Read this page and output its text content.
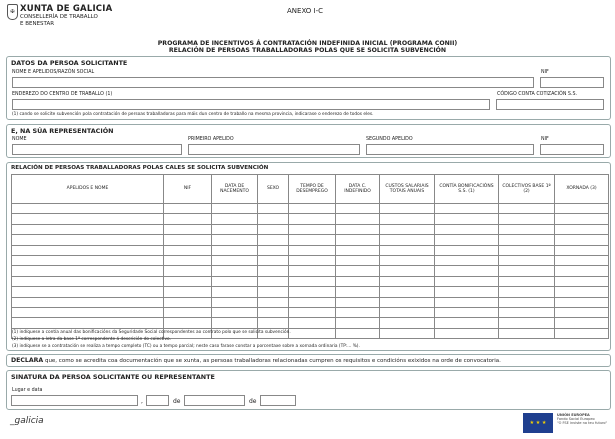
✠ XUNTA DE GALICIA
CONSELLERÍA DE TRABALLO
E BENESTAR
ANEXO I-C
PROGRAMA DE INCENTIVOS Á CONTRATACIÓN INDEFINIDA INICIAL (PROGRAMA CONII)
RELACIÓN DE PERSOAS TRABALLADORAS POLAS QUE SE SOLICITA SUBVENCIÓN
DATOS DA PERSOA SOLICITANTE
NOME E APELIDOS/RAZÓN SOCIAL	NIF
ENDEREZO DO CENTRO DE TRABALLO (1)	CÓDIGO CONTA COTIZACIÓN S.S.
(1) cando se solicite subvención pola contratación de persoas traballadoras para máis dun centro de traballo na mesma provincia, indicarase o enderezo de todos eles.
E, NA SÚA REPRESENTACIÓN
NOME	PRIMEIRO APELIDO	SEGUNDO APELIDO	NIF
RELACIÓN DE PERSOAS TRABALLADORAS POLAS CALES SE SOLICITA SUBVENCIÓN
APELIDOS E NOME	NIF	DATA DE NACEMENTO	SEXO	TEMPO DE DESEMPREGO	DATA C. INDEFINIDO	CUSTOS SALARIAIS TOTAIS ANUAIS	CONTÍA BONIFICACIÓNS S.S. (1)	COLECTIVOS BASE 1ª (2)	XORNADA (3)

(1) indíquese a contía anual das bonificacións da Seguridade Social correspondentes ao contrato polo que se solicita subvención.
(2) indíquese a letra da base 1ª correspondente á descrición do colectivo.
(3) indíquese se a contratación se realiza a tempo completo (TC) ou a tempo parcial; neste caso farase constar a porcentaxe sobre a xornada ordinaria (TP:... %).
DECLARA que, como se acredita coa documentación que se xunta, as persoas traballadoras relacionadas cumpren os requisitos e condicións exixidos na orde de convocatoria.
SINATURA DA PERSOA SOLICITANTE OU REPRESENTANTE
Lugar e data
,	de	de
_galicia	★ ★ ★
UNIÓN EUROPEA
Fondo Social Europeo
"O FSE inviste no teu futuro"
